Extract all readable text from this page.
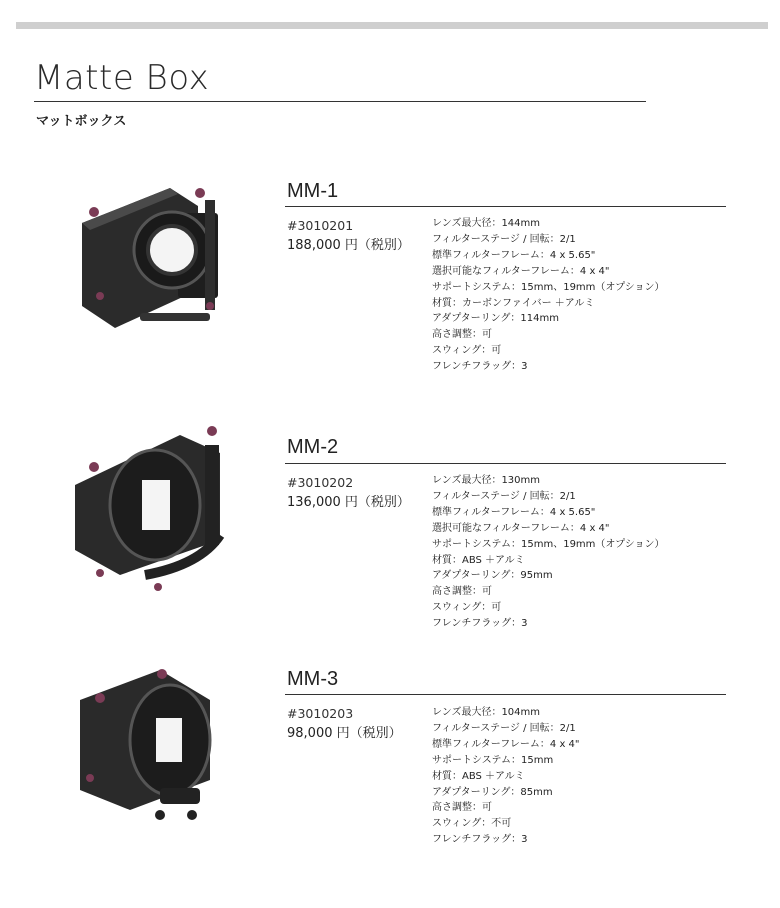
Matte Box
マットボックス
MM-1
#3010201
188,000 円（税別）
レンズ最大径：144mm
フィルターステージ / 回転：2/1
標準フィルターフレーム：4 x 5.65"
選択可能なフィルターフレーム：4 x 4"
サポートシステム：15mm、19mm（オプション）
材質：カーボンファイバー ＋アルミ
アダプターリング：114mm
高さ調整：可
スウィング：可
フレンチフラッグ：3
MM-2
#3010202
136,000 円（税別）
レンズ最大径：130mm
フィルターステージ / 回転：2/1
標準フィルターフレーム：4 x 5.65"
選択可能なフィルターフレーム：4 x 4"
サポートシステム：15mm、19mm（オプション）
材質：ABS ＋アルミ
アダプターリング：95mm
高さ調整：可
スウィング：可
フレンチフラッグ：3
MM-3
#3010203
98,000 円（税別）
レンズ最大径：104mm
フィルターステージ / 回転：2/1
標準フィルターフレーム：4 x 4"
サポートシステム：15mm
材質：ABS ＋アルミ
アダプターリング：85mm
高さ調整：可
スウィング：不可
フレンチフラッグ：3
